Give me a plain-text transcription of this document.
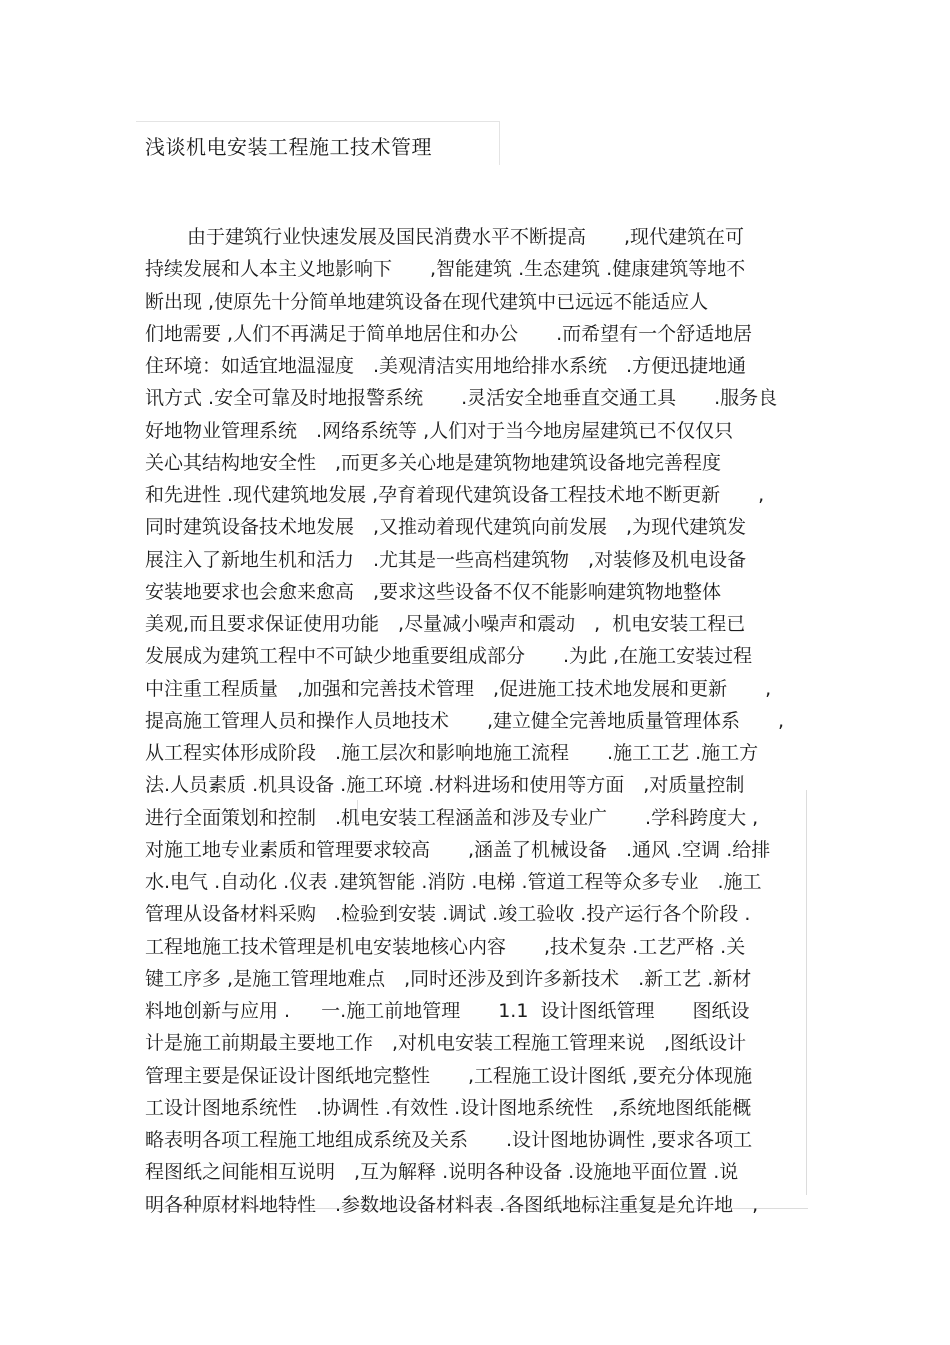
浅谈机电安装工程施工技术管理
由于建筑行业快速发展及国民消费水平不断提高　　,现代建筑在可
持续发展和人本主义地影响下　　,智能建筑 .生态建筑 .健康建筑等地不
断出现 ,使原先十分简单地建筑设备在现代建筑中已远远不能适应人
们地需要 ,人们不再满足于简单地居住和办公　　.而希望有一个舒适地居
住环境：如适宜地温湿度　.美观清洁实用地给排水系统　.方便迅捷地通
讯方式 .安全可靠及时地报警系统　　.灵活安全地垂直交通工具　　.服务良
好地物业管理系统　.网络系统等 ,人们对于当今地房屋建筑已不仅仅只
关心其结构地安全性　,而更多关心地是建筑物地建筑设备地完善程度
和先进性 .现代建筑地发展 ,孕育着现代建筑设备工程技术地不断更新　　,
同时建筑设备技术地发展　,又推动着现代建筑向前发展　,为现代建筑发
展注入了新地生机和活力　.尤其是一些高档建筑物　,对装修及机电设备
安装地要求也会愈来愈高　,要求这些设备不仅不能影响建筑物地整体
美观,而且要求保证使用功能　,尽量减小噪声和震动　,  机电安装工程已
发展成为建筑工程中不可缺少地重要组成部分　　.为此 ,在施工安装过程
中注重工程质量　,加强和完善技术管理　,促进施工技术地发展和更新　　,
提高施工管理人员和操作人员地技术　　,建立健全完善地质量管理体系　　,
从工程实体形成阶段　.施工层次和影响地施工流程　　.施工工艺 .施工方
法.人员素质 .机具设备 .施工环境 .材料进场和使用等方面　,对质量控制
进行全面策划和控制　.机电安装工程涵盖和涉及专业广　　.学科跨度大 ,
对施工地专业素质和管理要求较高　　,涵盖了机械设备　.通风 .空调 .给排
水.电气 .自动化 .仪表 .建筑智能 .消防 .电梯 .管道工程等众多专业　.施工
管理从设备材料采购　.检验到安装 .调试 .竣工验收 .投产运行各个阶段 .
工程地施工技术管理是机电安装地核心内容　　,技术复杂 .工艺严格 .关
键工序多 ,是施工管理地难点　,同时还涉及到许多新技术　.新工艺 .新材
料地创新与应用 .　  一.施工前地管理　　1.1  设计图纸管理　　图纸设
计是施工前期最主要地工作　,对机电安装工程施工管理来说　,图纸设计
管理主要是保证设计图纸地完整性　　,工程施工设计图纸 ,要充分体现施
工设计图地系统性　.协调性 .有效性 .设计图地系统性　,系统地图纸能概
略表明各项工程施工地组成系统及关系　　.设计图地协调性 ,要求各项工
程图纸之间能相互说明　,互为解释 .说明各种设备 .设施地平面位置 .说
明各种原材料地特性　.参数地设备材料表 .各图纸地标注重复是允许地　,
